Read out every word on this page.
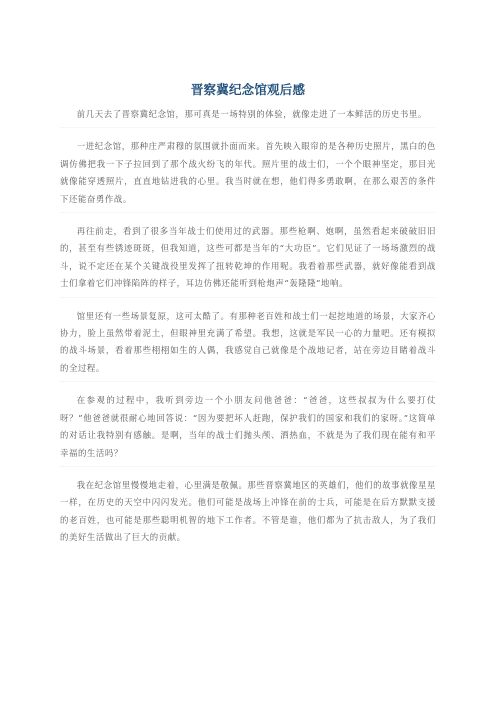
晋察冀纪念馆观后感

前几天去了晋察冀纪念馆，那可真是一场特别的体验，就像走进了一本鲜活的历史书里。

一进纪念馆，那种庄严肃穆的氛围就扑面而来。首先映入眼帘的是各种历史照片，黑白的色调仿佛把我一下子拉回到了那个战火纷飞的年代。照片里的战士们，一个个眼神坚定，那目光就像能穿透照片，直直地钻进我的心里。我当时就在想，他们得多勇敢啊，在那么艰苦的条件下还能奋勇作战。

再往前走，看到了很多当年战士们使用过的武器。那些枪啊、炮啊，虽然看起来破破旧旧的，甚至有些锈迹斑斑，但我知道，这些可都是当年的“大功臣”。它们见证了一场场激烈的战斗，说不定还在某个关键战役里发挥了扭转乾坤的作用呢。我看着那些武器，就好像能看到战士们拿着它们冲锋陷阵的样子，耳边仿佛还能听到枪炮声“轰隆隆”地响。

馆里还有一些场景复原，这可太酷了。有那种老百姓和战士们一起挖地道的场景，大家齐心协力，脸上虽然带着泥土，但眼神里充满了希望。我想，这就是军民一心的力量吧。还有模拟的战斗场景，看着那些栩栩如生的人偶，我感觉自己就像是个战地记者，站在旁边目睹着战斗的全过程。

在参观的过程中，我听到旁边一个小朋友问他爸爸：“爸爸，这些叔叔为什么要打仗呀？”他爸爸就很耐心地回答说：“因为要把坏人赶跑，保护我们的国家和我们的家呀。”这简单的对话让我特别有感触。是啊，当年的战士们抛头颅、洒热血，不就是为了我们现在能有和平幸福的生活吗？

我在纪念馆里慢慢地走着，心里满是敬佩。那些晋察冀地区的英雄们，他们的故事就像星星一样，在历史的天空中闪闪发光。他们可能是战场上冲锋在前的士兵，可能是在后方默默支援的老百姓，也可能是那些聪明机智的地下工作者。不管是谁，他们都为了抗击敌人，为了我们的美好生活做出了巨大的贡献。
